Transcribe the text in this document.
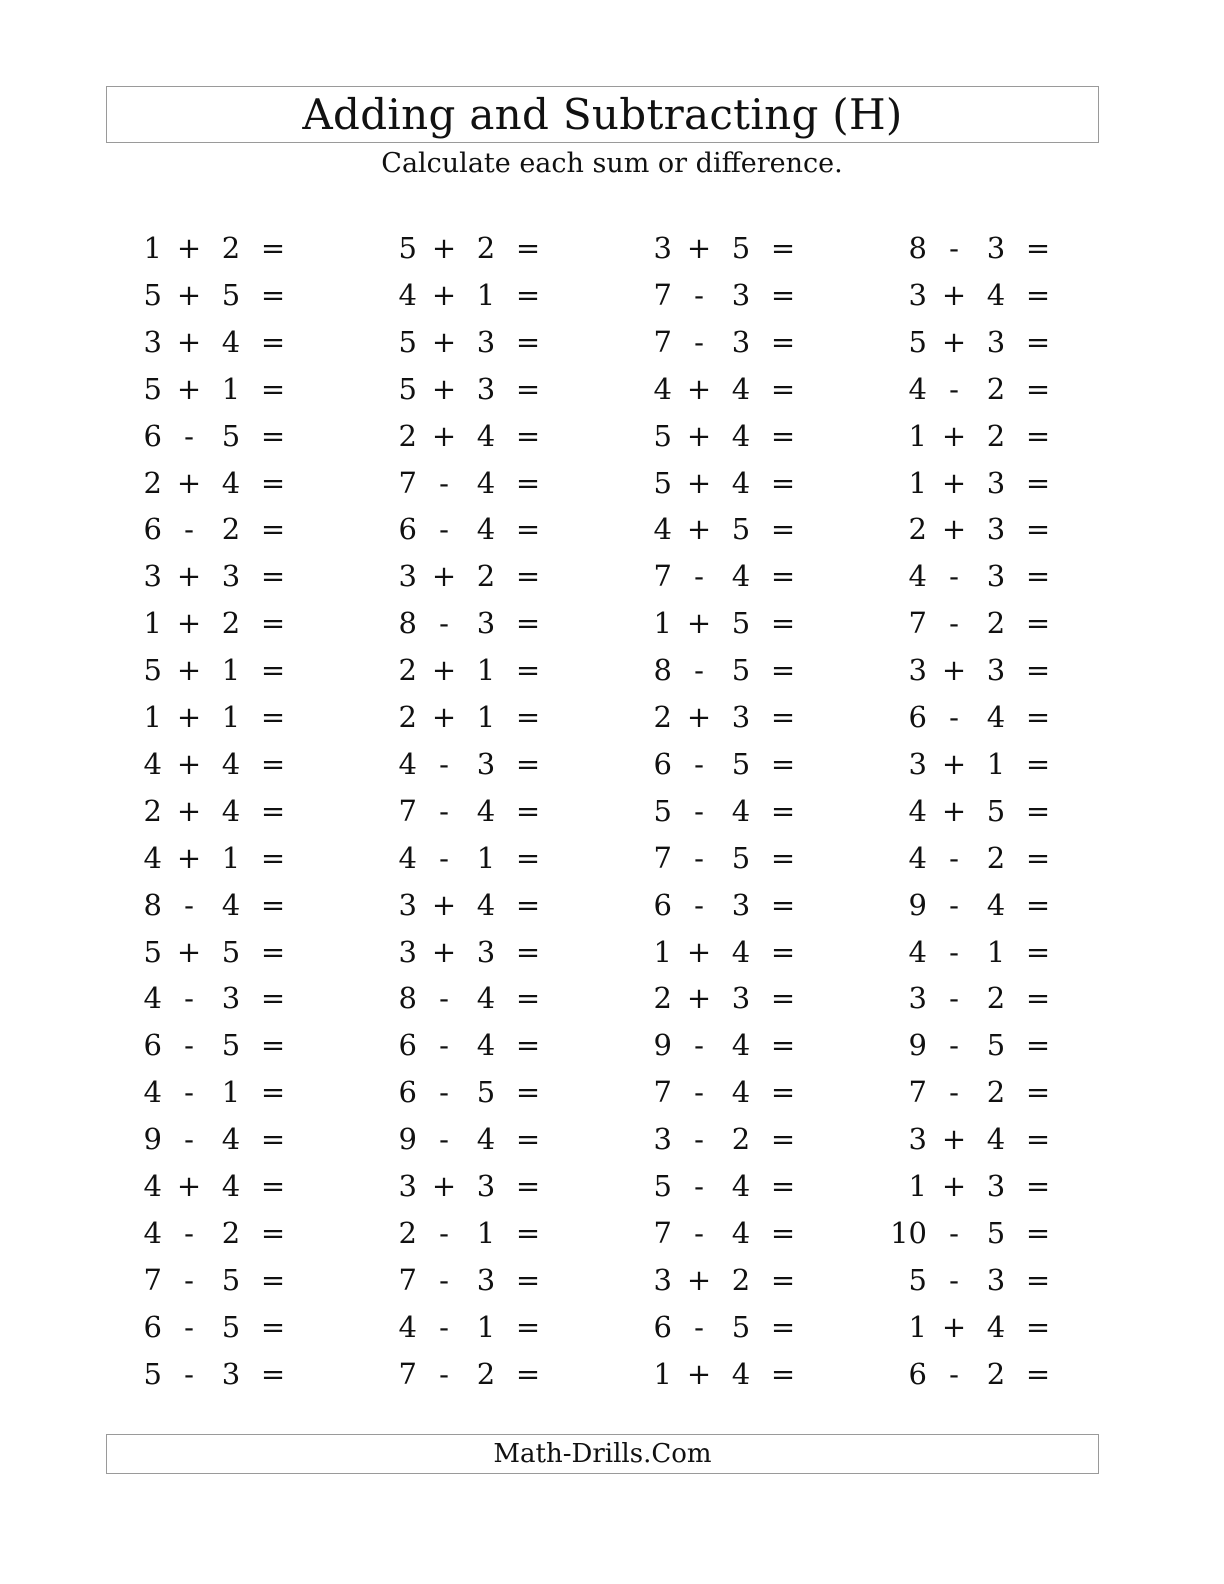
Adding and Subtracting (H)
Calculate each sum or difference.
1 + 2 =
5 + 5 =
3 + 4 =
5 + 1 =
6 - 5 =
2 + 4 =
6 - 2 =
3 + 3 =
1 + 2 =
5 + 1 =
1 + 1 =
4 + 4 =
2 + 4 =
4 + 1 =
8 - 4 =
5 + 5 =
4 - 3 =
6 - 5 =
4 - 1 =
9 - 4 =
4 + 4 =
4 - 2 =
7 - 5 =
6 - 5 =
5 - 3 =
5 + 2 =
4 + 1 =
5 + 3 =
5 + 3 =
2 + 4 =
7 - 4 =
6 - 4 =
3 + 2 =
8 - 3 =
2 + 1 =
2 + 1 =
4 - 3 =
7 - 4 =
4 - 1 =
3 + 4 =
3 + 3 =
8 - 4 =
6 - 4 =
6 - 5 =
9 - 4 =
3 + 3 =
2 - 1 =
7 - 3 =
4 - 1 =
7 - 2 =
3 + 5 =
7 - 3 =
7 - 3 =
4 + 4 =
5 + 4 =
5 + 4 =
4 + 5 =
7 - 4 =
1 + 5 =
8 - 5 =
2 + 3 =
6 - 5 =
5 - 4 =
7 - 5 =
6 - 3 =
1 + 4 =
2 + 3 =
9 - 4 =
7 - 4 =
3 - 2 =
5 - 4 =
7 - 4 =
3 + 2 =
6 - 5 =
1 + 4 =
8 - 3 =
3 + 4 =
5 + 3 =
4 - 2 =
1 + 2 =
1 + 3 =
2 + 3 =
4 - 3 =
7 - 2 =
3 + 3 =
6 - 4 =
3 + 1 =
4 + 5 =
4 - 2 =
9 - 4 =
4 - 1 =
3 - 2 =
9 - 5 =
7 - 2 =
3 + 4 =
1 + 3 =
10 - 5 =
5 - 3 =
1 + 4 =
6 - 2 =
Math-Drills.Com
